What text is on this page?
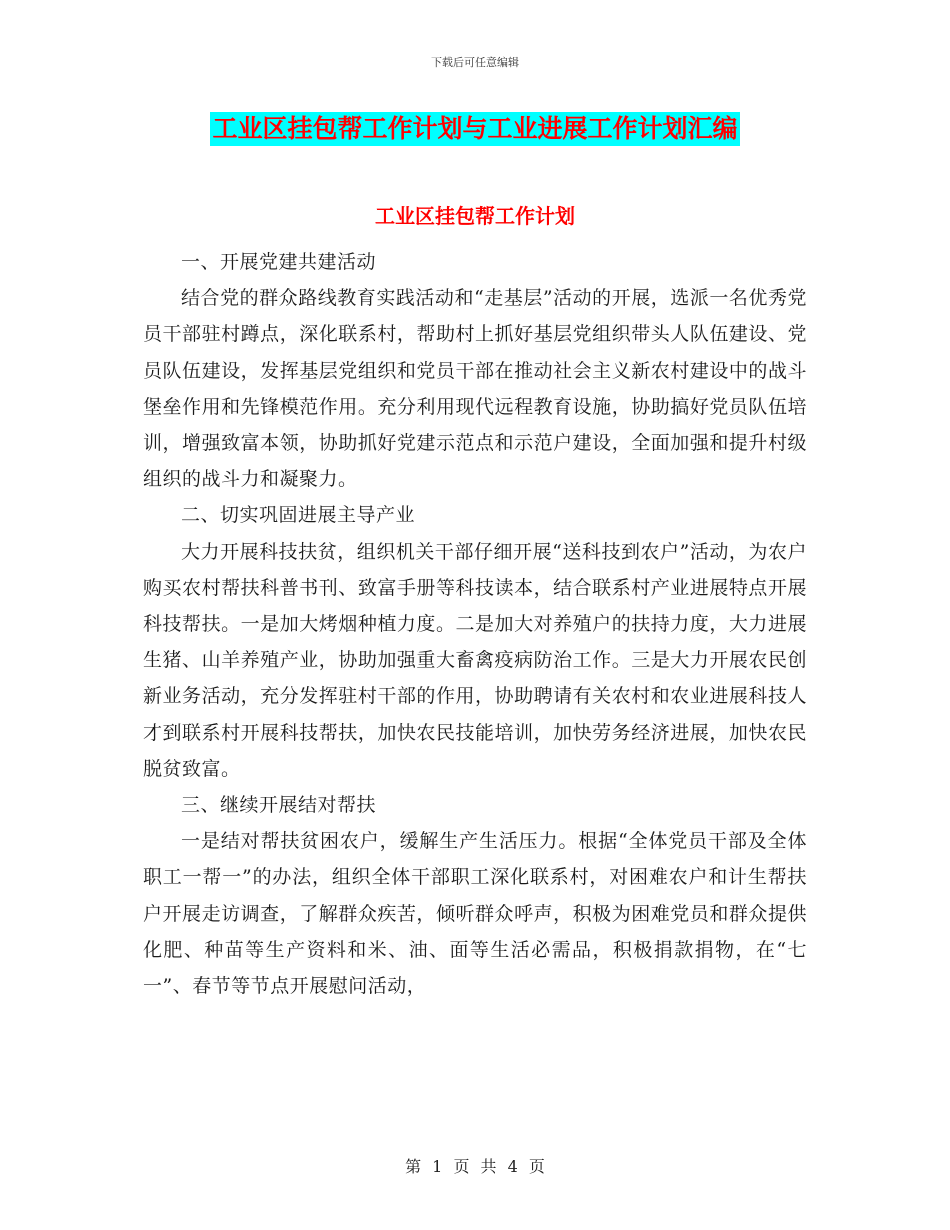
下载后可任意编辑
工业区挂包帮工作计划与工业进展工作计划汇编
工业区挂包帮工作计划

一、开展党建共建活动

结合党的群众路线教育实践活动和“走基层”活动的开展，选派一名优秀党员干部驻村蹲点，深化联系村，帮助村上抓好基层党组织带头人队伍建设、党员队伍建设，发挥基层党组织和党员干部在推动社会主义新农村建设中的战斗堡垒作用和先锋模范作用。充分利用现代远程教育设施，协助搞好党员队伍培训，增强致富本领，协助抓好党建示范点和示范户建设，全面加强和提升村级组织的战斗力和凝聚力。

二、切实巩固进展主导产业

大力开展科技扶贫，组织机关干部仔细开展“送科技到农户”活动，为农户购买农村帮扶科普书刊、致富手册等科技读本，结合联系村产业进展特点开展科技帮扶。一是加大烤烟种植力度。二是加大对养殖户的扶持力度，大力进展生猪、山羊养殖产业，协助加强重大畜禽疫病防治工作。三是大力开展农民创新业务活动，充分发挥驻村干部的作用，协助聘请有关农村和农业进展科技人才到联系村开展科技帮扶，加快农民技能培训，加快劳务经济进展，加快农民脱贫致富。

三、继续开展结对帮扶

一是结对帮扶贫困农户，缓解生产生活压力。根据“全体党员干部及全体职工一帮一”的办法，组织全体干部职工深化联系村，对困难农户和计生帮扶户开展走访调查，了解群众疾苦，倾听群众呼声，积极为困难党员和群众提供化肥、种苗等生产资料和米、油、面等生活必需品，积极捐款捐物，在“七一”、春节等节点开展慰问活动，

第 1 页 共 4 页
